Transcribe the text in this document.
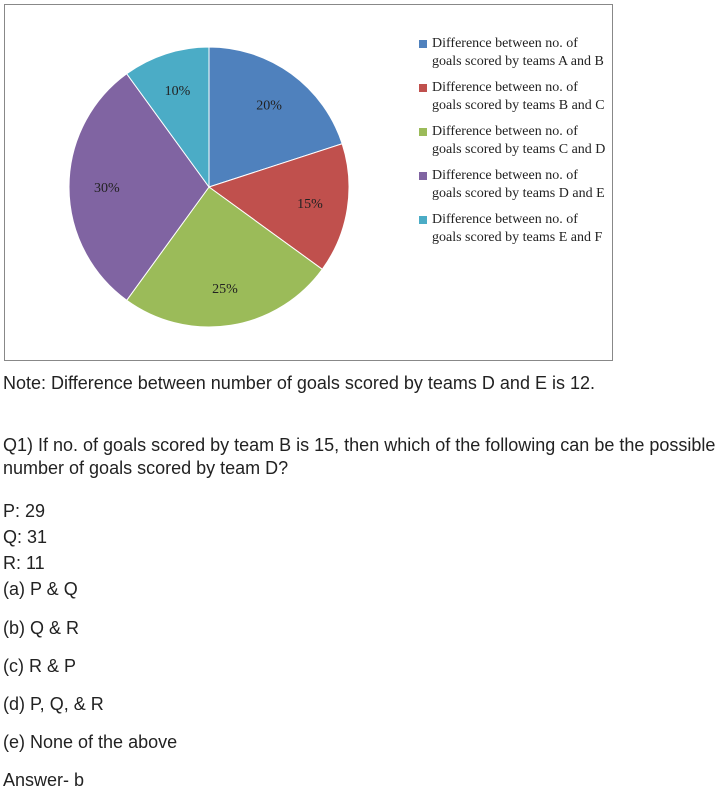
20%
15%
25%
30%
10%
Difference between no. of goals scored by teams A and B
Difference between no. of goals scored by teams B and C
Difference between no. of goals scored by teams C and D
Difference between no. of goals scored by teams D and E
Difference between no. of goals scored by teams E and F
Note: Difference between number of goals scored by teams D and E is 12.
Q1) If no. of goals scored by team B is 15, then which of the following can be the possible number of goals scored by team D?
P: 29
Q: 31
R: 11
(a) P & Q
(b) Q & R
(c) R & P
(d) P, Q, & R
(e) None of the above
Answer- b
